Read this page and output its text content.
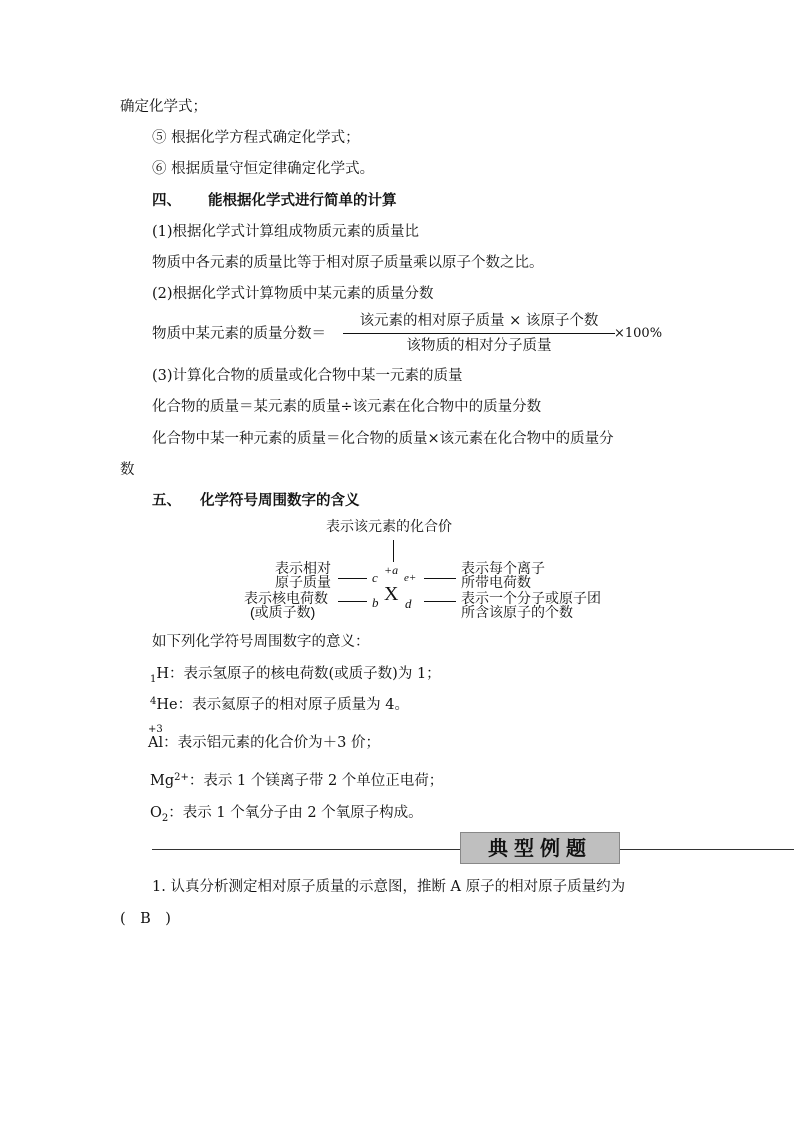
确定化学式；
⑤ 根据化学方程式确定化学式；
⑥ 根据质量守恒定律确定化学式。
四、 能根据化学式进行简单的计算
(1)根据化学式计算组成物质元素的质量比
物质中各元素的质量比等于相对原子质量乘以原子个数之比。
(2)根据化学式计算物质中某元素的质量分数
物质中某元素的质量分数＝
该元素的相对原子质量 × 该原子个数
该物质的相对分子质量
×100%
(3)计算化合物的质量或化合物中某一元素的质量
化合物的质量＝某元素的质量÷该元素在化合物中的质量分数
化合物中某一种元素的质量＝化合物的质量×该元素在化合物中的质量分
数
五、 化学符号周围数字的含义
表示该元素的化合价
表示相对
原子质量
表示核电荷数
(或质子数)
c +a
e+
X
b d
表示每个离子
所带电荷数
表示一个分子或原子团
所含该原子的个数
如下列化学符号周围数字的意义：
$_1$H：表示氢原子的核电荷数(或质子数)为 1；
$^4$He：表示氦原子的相对原子质量为 4。
+3
Al：表示铝元素的化合价为＋3 价；
$Mg^{2+}$：表示 1 个镁离子带 2 个单位正电荷；
$O_2$：表示 1 个氧分子由 2 个氧原子构成。
典型例题
1. 认真分析测定相对原子质量的示意图，推断 A 原子的相对原子质量约为
(　B　)
